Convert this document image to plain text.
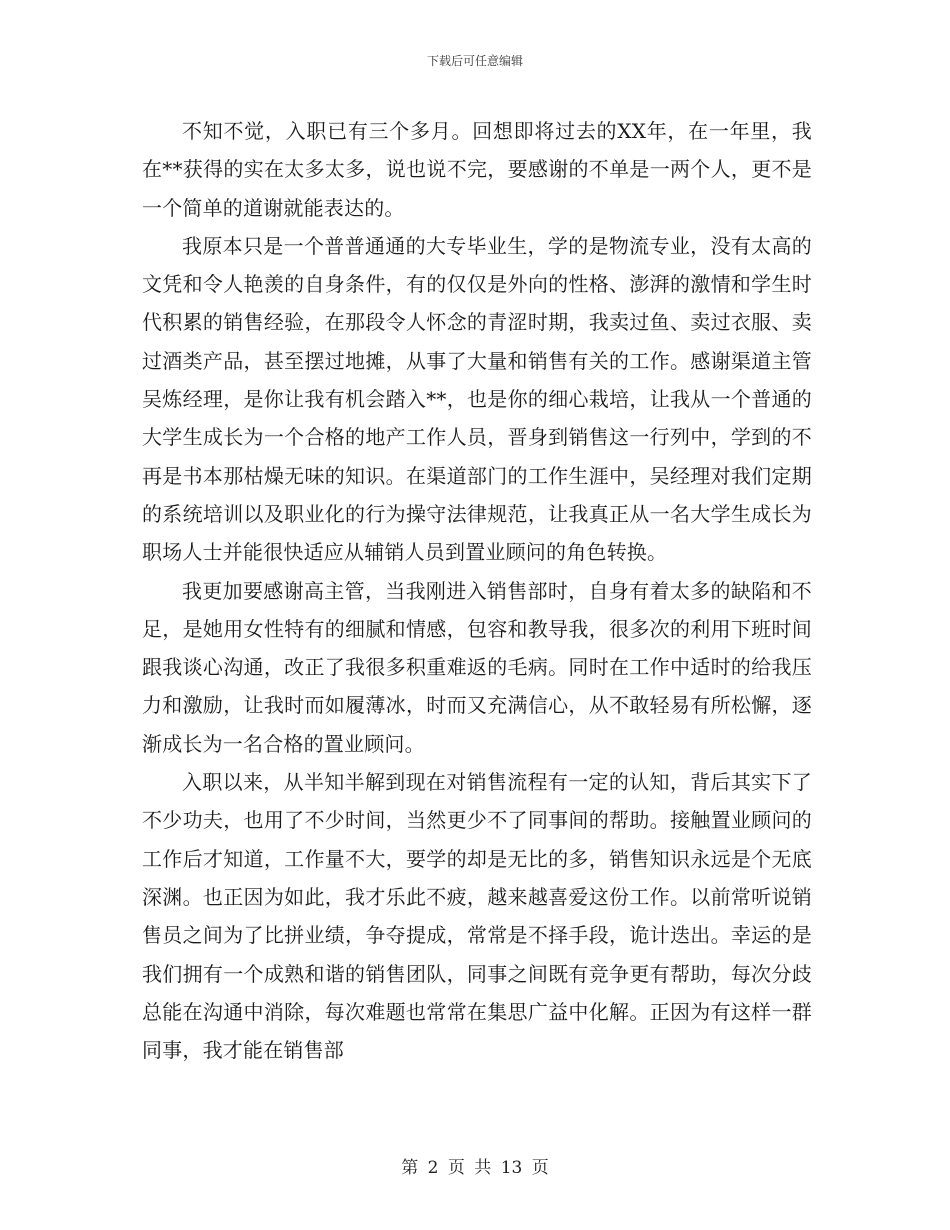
下载后可任意编辑

不知不觉，入职已有三个多月。回想即将过去的XX年，在一年里，我在**获得的实在太多太多，说也说不完，要感谢的不单是一两个人，更不是一个简单的道谢就能表达的。

我原本只是一个普普通通的大专毕业生，学的是物流专业，没有太高的文凭和令人艳羡的自身条件，有的仅仅是外向的性格、澎湃的激情和学生时代积累的销售经验，在那段令人怀念的青涩时期，我卖过鱼、卖过衣服、卖过酒类产品，甚至摆过地摊，从事了大量和销售有关的工作。感谢渠道主管吴炼经理，是你让我有机会踏入**，也是你的细心栽培，让我从一个普通的大学生成长为一个合格的地产工作人员，晋身到销售这一行列中，学到的不再是书本那枯燥无味的知识。在渠道部门的工作生涯中，吴经理对我们定期的系统培训以及职业化的行为操守法律规范，让我真正从一名大学生成长为职场人士并能很快适应从辅销人员到置业顾问的角色转换。

我更加要感谢高主管，当我刚进入销售部时，自身有着太多的缺陷和不足，是她用女性特有的细腻和情感，包容和教导我，很多次的利用下班时间跟我谈心沟通，改正了我很多积重难返的毛病。同时在工作中适时的给我压力和激励，让我时而如履薄冰，时而又充满信心，从不敢轻易有所松懈，逐渐成长为一名合格的置业顾问。

入职以来，从半知半解到现在对销售流程有一定的认知，背后其实下了不少功夫，也用了不少时间，当然更少不了同事间的帮助。接触置业顾问的工作后才知道，工作量不大，要学的却是无比的多，销售知识永远是个无底深渊。也正因为如此，我才乐此不疲，越来越喜爱这份工作。以前常听说销售员之间为了比拼业绩，争夺提成，常常是不择手段，诡计迭出。幸运的是我们拥有一个成熟和谐的销售团队，同事之间既有竞争更有帮助，每次分歧总能在沟通中消除，每次难题也常常在集思广益中化解。正因为有这样一群同事，我才能在销售部

第 2 页 共 13 页
